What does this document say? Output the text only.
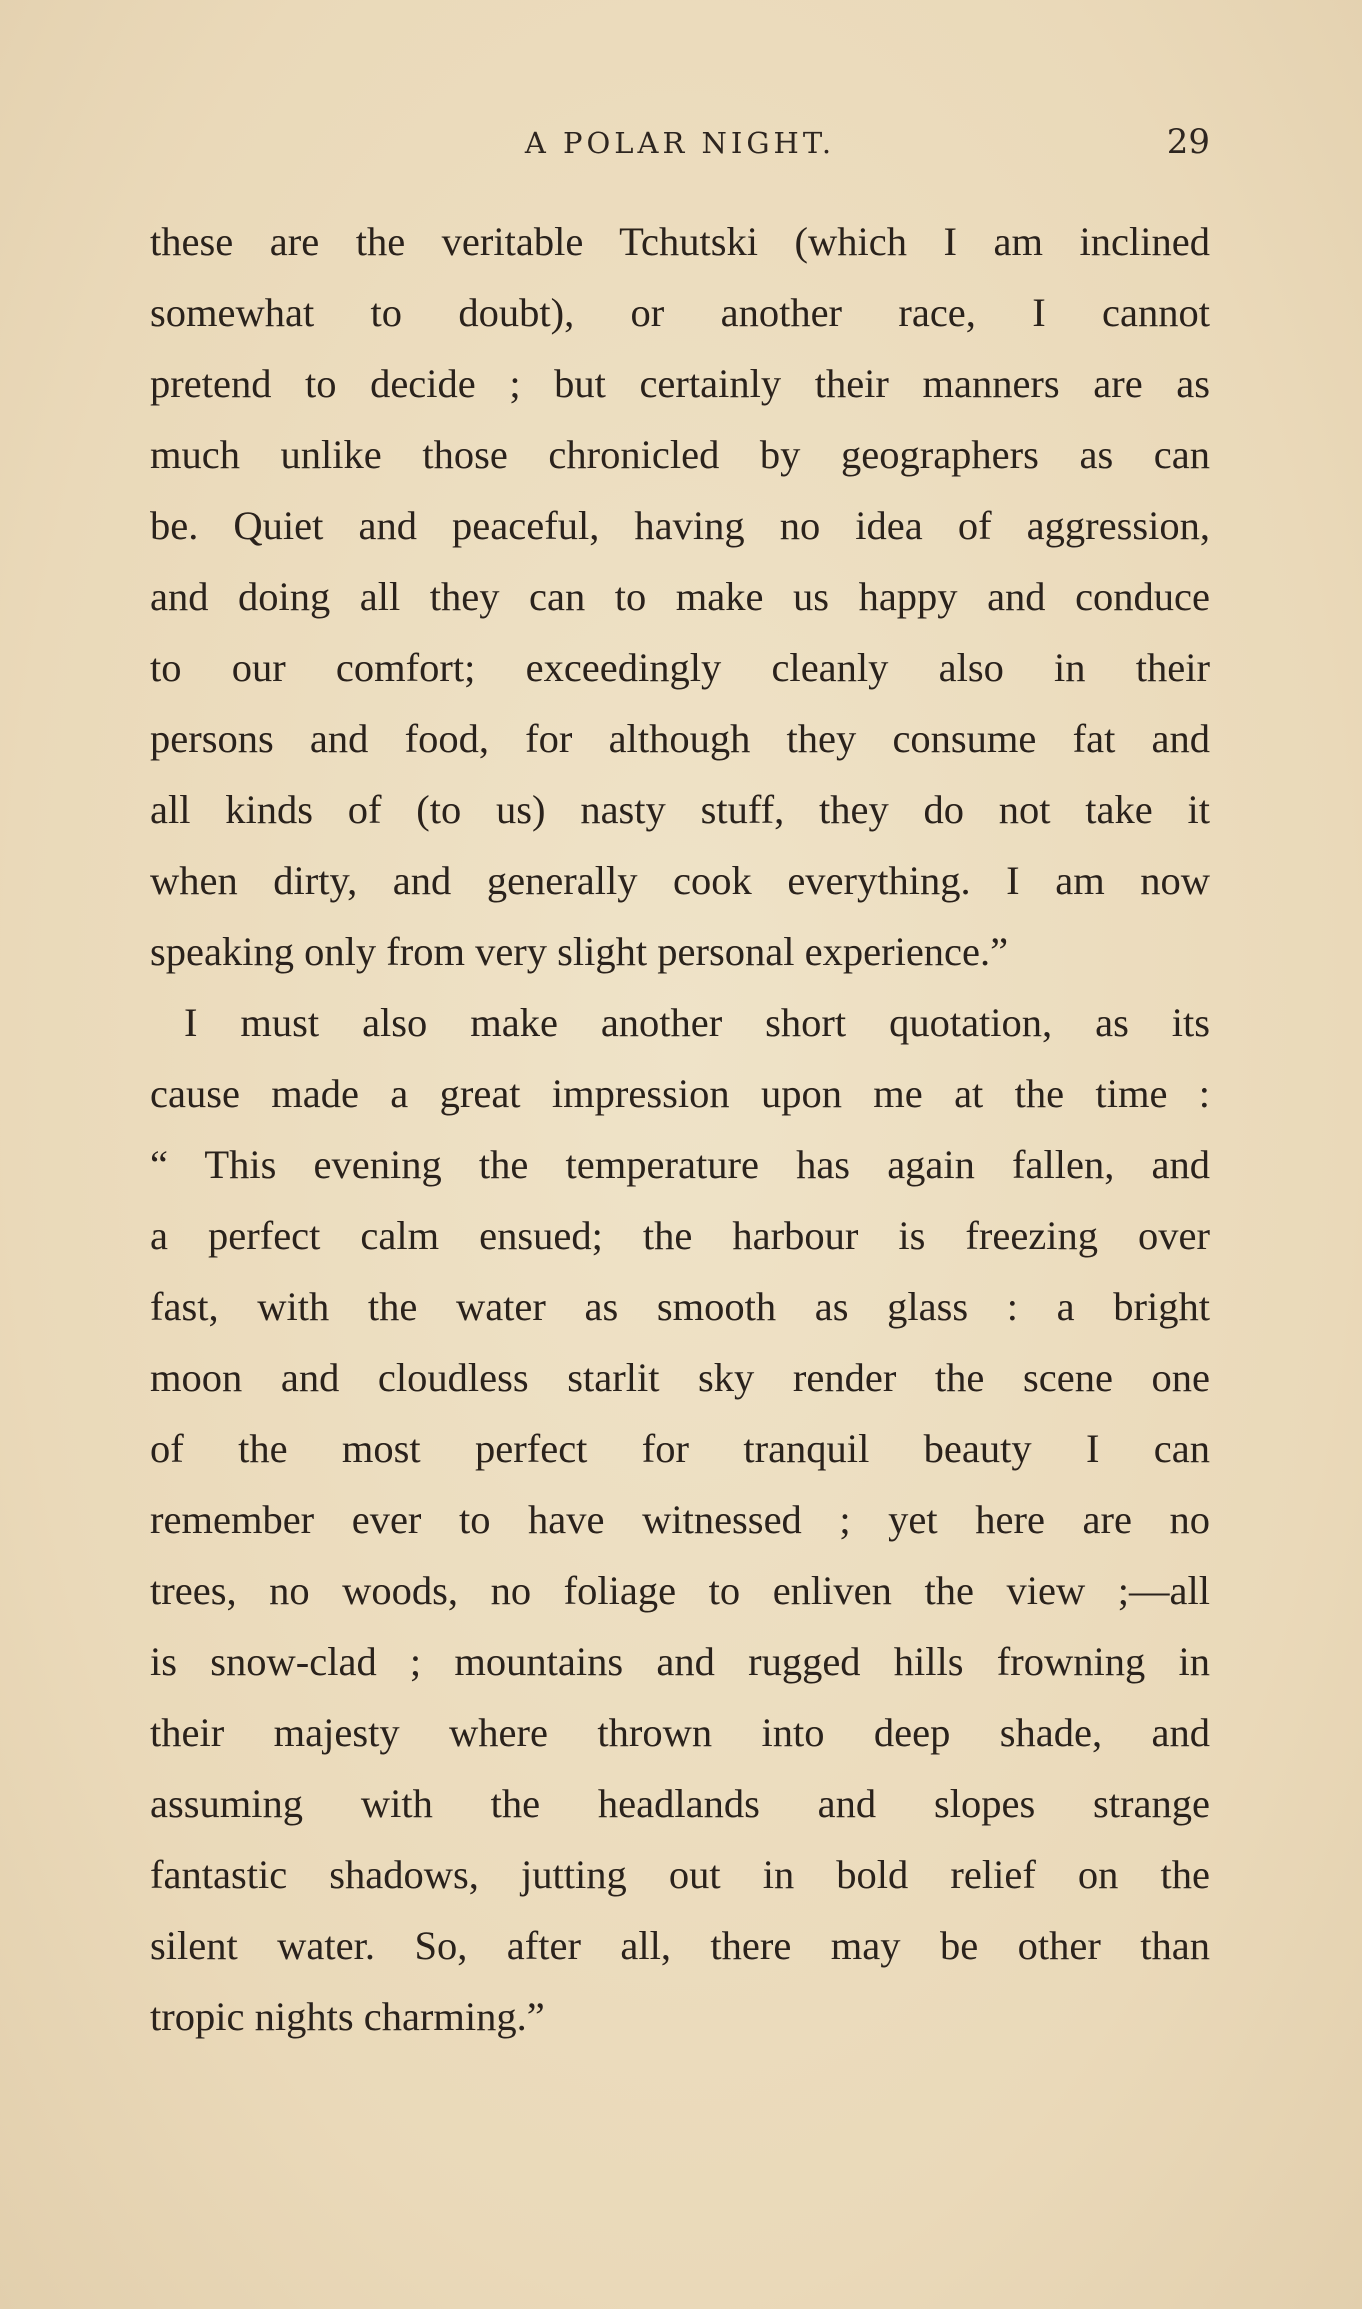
A POLAR NIGHT.	29
these are the veritable Tchutski (which I am inclined
somewhat to doubt), or another race, I cannot
pretend to decide ; but certainly their manners are as
much unlike those chronicled by geographers as can
be. Quiet and peaceful, having no idea of aggression,
and doing all they can to make us happy and conduce
to our comfort; exceedingly cleanly also in their
persons and food, for although they consume fat and
all kinds of (to us) nasty stuff, they do not take it
when dirty, and generally cook everything. I am now
speaking only from very slight personal experience.”
I must also make another short quotation, as its
cause made a great impression upon me at the time :
“ This evening the temperature has again fallen, and
a perfect calm ensued; the harbour is freezing over
fast, with the water as smooth as glass : a bright
moon and cloudless starlit sky render the scene one
of the most perfect for tranquil beauty I can
remember ever to have witnessed ; yet here are no
trees, no woods, no foliage to enliven the view ;—all
is snow-clad ; mountains and rugged hills frowning in
their majesty where thrown into deep shade, and
assuming with the headlands and slopes strange
fantastic shadows, jutting out in bold relief on the
silent water. So, after all, there may be other than
tropic nights charming.”
